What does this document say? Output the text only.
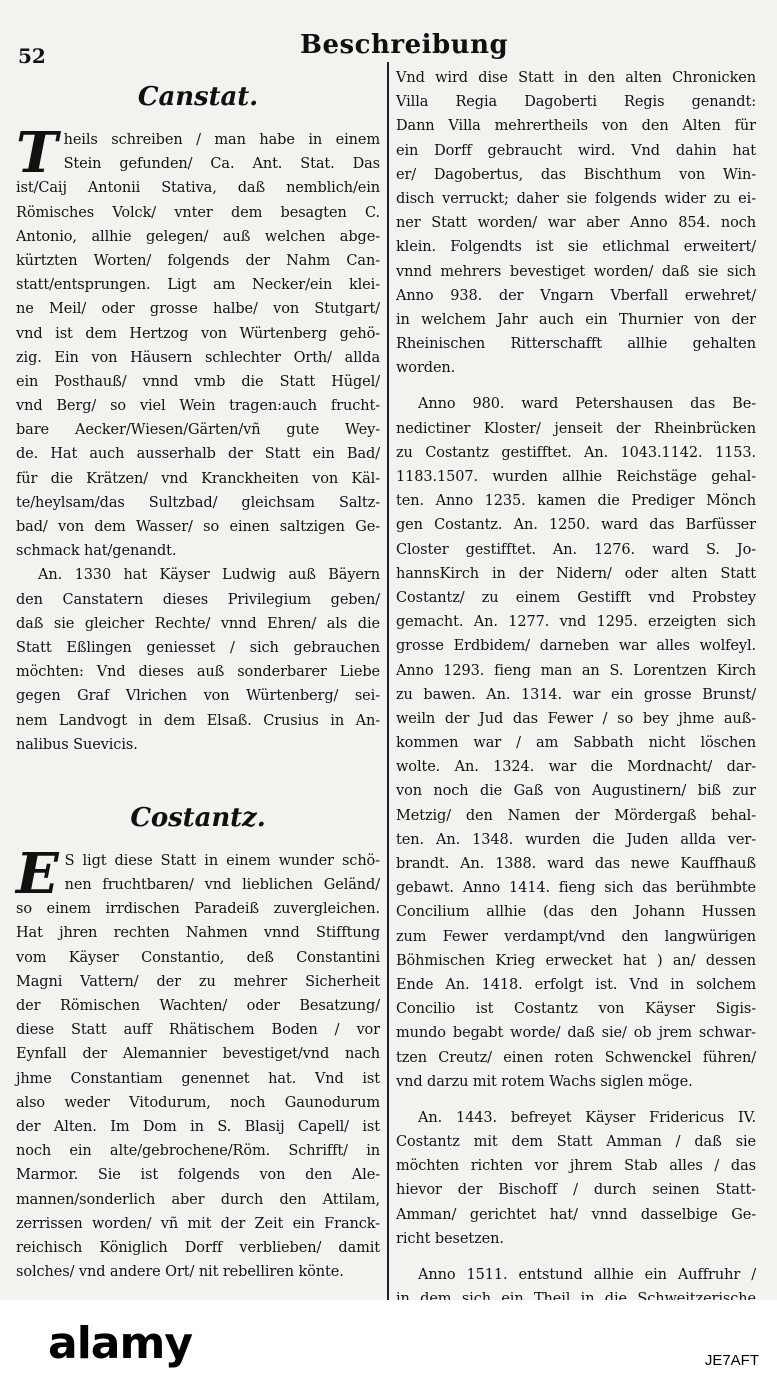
52	Beschreibung
Canstat.
T heils schreiben / man habe in einem
Stein gefunden/ Ca. Ant. Stat. Das
ist/Caij Antonii Stativa, daß nemblich/ein
Römisches Volck/ vnter dem besagten C.
Antonio, allhie gelegen/ auß welchen abge-
kürtzten Worten/ folgends der Nahm Can-
statt/entsprungen. Ligt am Necker/ein klei-
ne Meil/ oder grosse halbe/ von Stutgart/
vnd ist dem Hertzog von Würtenberg gehö-
zig. Ein von Häusern schlechter Orth/ allda
ein Posthauß/ vnnd vmb die Statt Hügel/
vnd Berg/ so viel Wein tragen:auch frucht-
bare Aecker/Wiesen/Gärten/vñ gute Wey-
de. Hat auch ausserhalb der Statt ein Bad/
für die Krätzen/ vnd Kranckheiten von Käl-
te/heylsam/das Sultzbad/ gleichsam Saltz-
bad/ von dem Wasser/ so einen saltzigen Ge-
schmack hat/genandt.
An. 1330 hat Käyser Ludwig auß Bäyern
den Canstatern dieses Privilegium geben/
daß sie gleicher Rechte/ vnnd Ehren/ als die
Statt Eßlingen geniesset / sich gebrauchen
möchten: Vnd dieses auß sonderbarer Liebe
gegen Graf Vlrichen von Würtenberg/ sei-
nem Landvogt in dem Elsaß. Crusius in An-
nalibus Suevicis.
Costantz.
E S ligt diese Statt in einem wunder schö-
nen fruchtbaren/ vnd lieblichen Geländ/
so einem irrdischen Paradeiß zuvergleichen.
Hat jhren rechten Nahmen vnnd Stifftung
vom Käyser Constantio, deß Constantini
Magni Vattern/ der zu mehrer Sicherheit
der Römischen Wachten/ oder Besatzung/
diese Statt auff Rhätischem Boden / vor
Eynfall der Alemannier bevestiget/vnd nach
jhme Constantiam genennet hat. Vnd ist
also weder Vitodurum, noch Gaunodurum
der Alten. Im Dom in S. Blasij Capell/ ist
noch ein alte/gebrochene/Röm. Schrifft/ in
Marmor. Sie ist folgends von den Ale-
mannen/sonderlich aber durch den Attilam,
zerrissen worden/ vñ mit der Zeit ein Franck-
reichisch Königlich Dorff verblieben/ damit
solches/ vnd andere Ort/ nit rebelliren könte.
Vnd wird dise Statt in den alten Chronicken
Villa Regia Dagoberti Regis genandt:
Dann Villa mehrertheils von den Alten für
ein Dorff gebraucht wird. Vnd dahin hat
er/ Dagobertus, das Bischthum von Win-
disch verruckt; daher sie folgends wider zu ei-
ner Statt worden/ war aber Anno 854. noch
klein. Folgendts ist sie etlichmal erweitert/
vnnd mehrers bevestiget worden/ daß sie sich
Anno 938. der Vngarn Vberfall erwehret/
in welchem Jahr auch ein Thurnier von der
Rheinischen Ritterschafft allhie gehalten
worden.
Anno 980. ward Petershausen das Be-
nedictiner Kloster/ jenseit der Rheinbrücken
zu Costantz gestifftet. An. 1043.1142. 1153.
1183.1507. wurden allhie Reichstäge gehal-
ten. Anno 1235. kamen die Prediger Mönch
gen Costantz. An. 1250. ward das Barfüsser
Closter gestifftet. An. 1276. ward S. Jo-
hannsKirch in der Nidern/ oder alten Statt
Costantz/ zu einem Gestifft vnd Probstey
gemacht. An. 1277. vnd 1295. erzeigten sich
grosse Erdbidem/ darneben war alles wolfeyl.
Anno 1293. fieng man an S. Lorentzen Kirch
zu bawen. An. 1314. war ein grosse Brunst/
weiln der Jud das Fewer / so bey jhme auß-
kommen war / am Sabbath nicht löschen
wolte. An. 1324. war die Mordnacht/ dar-
von noch die Gaß von Augustinern/ biß zur
Metzig/ den Namen der Mördergaß behal-
ten. An. 1348. wurden die Juden allda ver-
brandt. An. 1388. ward das newe Kauffhauß
gebawt. Anno 1414. fieng sich das berühmbte
Concilium allhie (das den Johann Hussen
zum Fewer verdampt/vnd den langwürigen
Böhmischen Krieg erwecket hat ) an/ dessen
Ende An. 1418. erfolgt ist. Vnd in solchem
Concilio ist Costantz von Käyser Sigis-
mundo begabt worde/ daß sie/ ob jrem schwar-
tzen Creutz/ einen roten Schwenckel führen/
vnd darzu mit rotem Wachs siglen möge.
An. 1443. befreyet Käyser Fridericus IV.
Costantz mit dem Statt Amman / daß sie
möchten richten vor jhrem Stab alles / das
hievor der Bischoff / durch seinen Statt-
Amman/ gerichtet hat/ vnnd dasselbige Ge-
richt besetzen.
Anno 1511. entstund allhie ein Auffruhr /
alamy	JE7AFT
